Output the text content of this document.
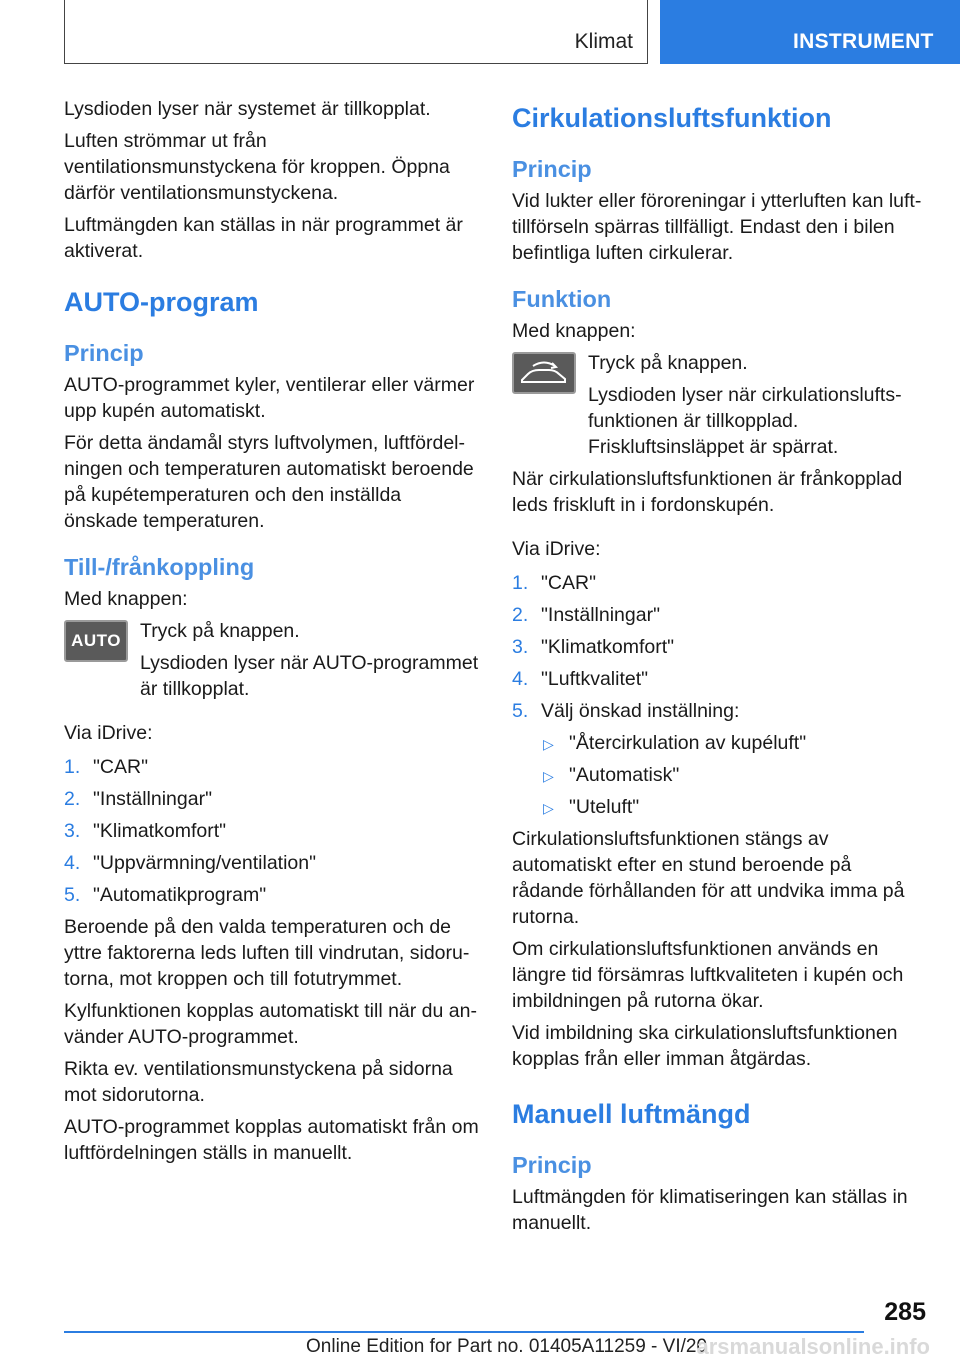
Klimat	INSTRUMENT

Lysdioden lyser när systemet är tillkopplat.

Luften strömmar ut från ventilationsmunstyckena för kroppen. Öppna därför ventilationsmunstyckena.

Luftmängden kan ställas in när programmet är aktiverat.

AUTO-program
Princip

AUTO-programmet kyler, ventilerar eller värmer upp kupén automatiskt.

För detta ändamål styrs luftvolymen, luftfördelningen och temperaturen automatiskt beroende på kupétemperaturen och den inställda önskade temperaturen.

Till-/frånkoppling

Med knappen:

AUTO Tryck på knappen.
Lysdioden lyser när AUTO-programmet är tillkopplat.

Via iDrive:

1. "CAR"
2. "Inställningar"
3. "Klimatkomfort"
4. "Uppvärmning/ventilation"
5. "Automatikprogram"

Beroende på den valda temperaturen och de yttre faktorerna leds luften till vindrutan, sidorutorna, mot kroppen och till fotutrymmet.

Kylfunktionen kopplas automatiskt till när du använder AUTO-programmet.

Rikta ev. ventilationsmunstyckena på sidorna mot sidorutorna.

AUTO-programmet kopplas automatiskt från om luftfördelningen ställs in manuellt.

Cirkulationsluftsfunktion
Princip

Vid lukter eller föroreningar i ytterluften kan lufttillförseln spärras tillfälligt. Endast den i bilen befintliga luften cirkulerar.

Funktion

Med knappen:

Tryck på knappen.
Lysdioden lyser när cirkulationsluftsfunktionen är tillkopplad. Friskluftsinsläppet är spärrat.

När cirkulationsluftsfunktionen är frånkopplad leds friskluft in i fordonskupén.

Via iDrive:

1. "CAR"
2. "Inställningar"
3. "Klimatkomfort"
4. "Luftkvalitet"
5. Välj önskad inställning:
▷ "Återcirkulation av kupéluft"
▷ "Automatisk"
▷ "Uteluft"

Cirkulationsluftsfunktionen stängs av automatiskt efter en stund beroende på rådande förhållanden för att undvika imma på rutorna.

Om cirkulationsluftsfunktionen används en längre tid försämras luftkvaliteten i kupén och imbildningen på rutorna ökar.

Vid imbildning ska cirkulationsluftsfunktionen kopplas från eller imman åtgärdas.

Manuell luftmängd
Princip

Luftmängden för klimatiseringen kan ställas in manuellt.

285
Online Edition for Part no. 01405A11259 - VI/20
arsmanualsonline.info
